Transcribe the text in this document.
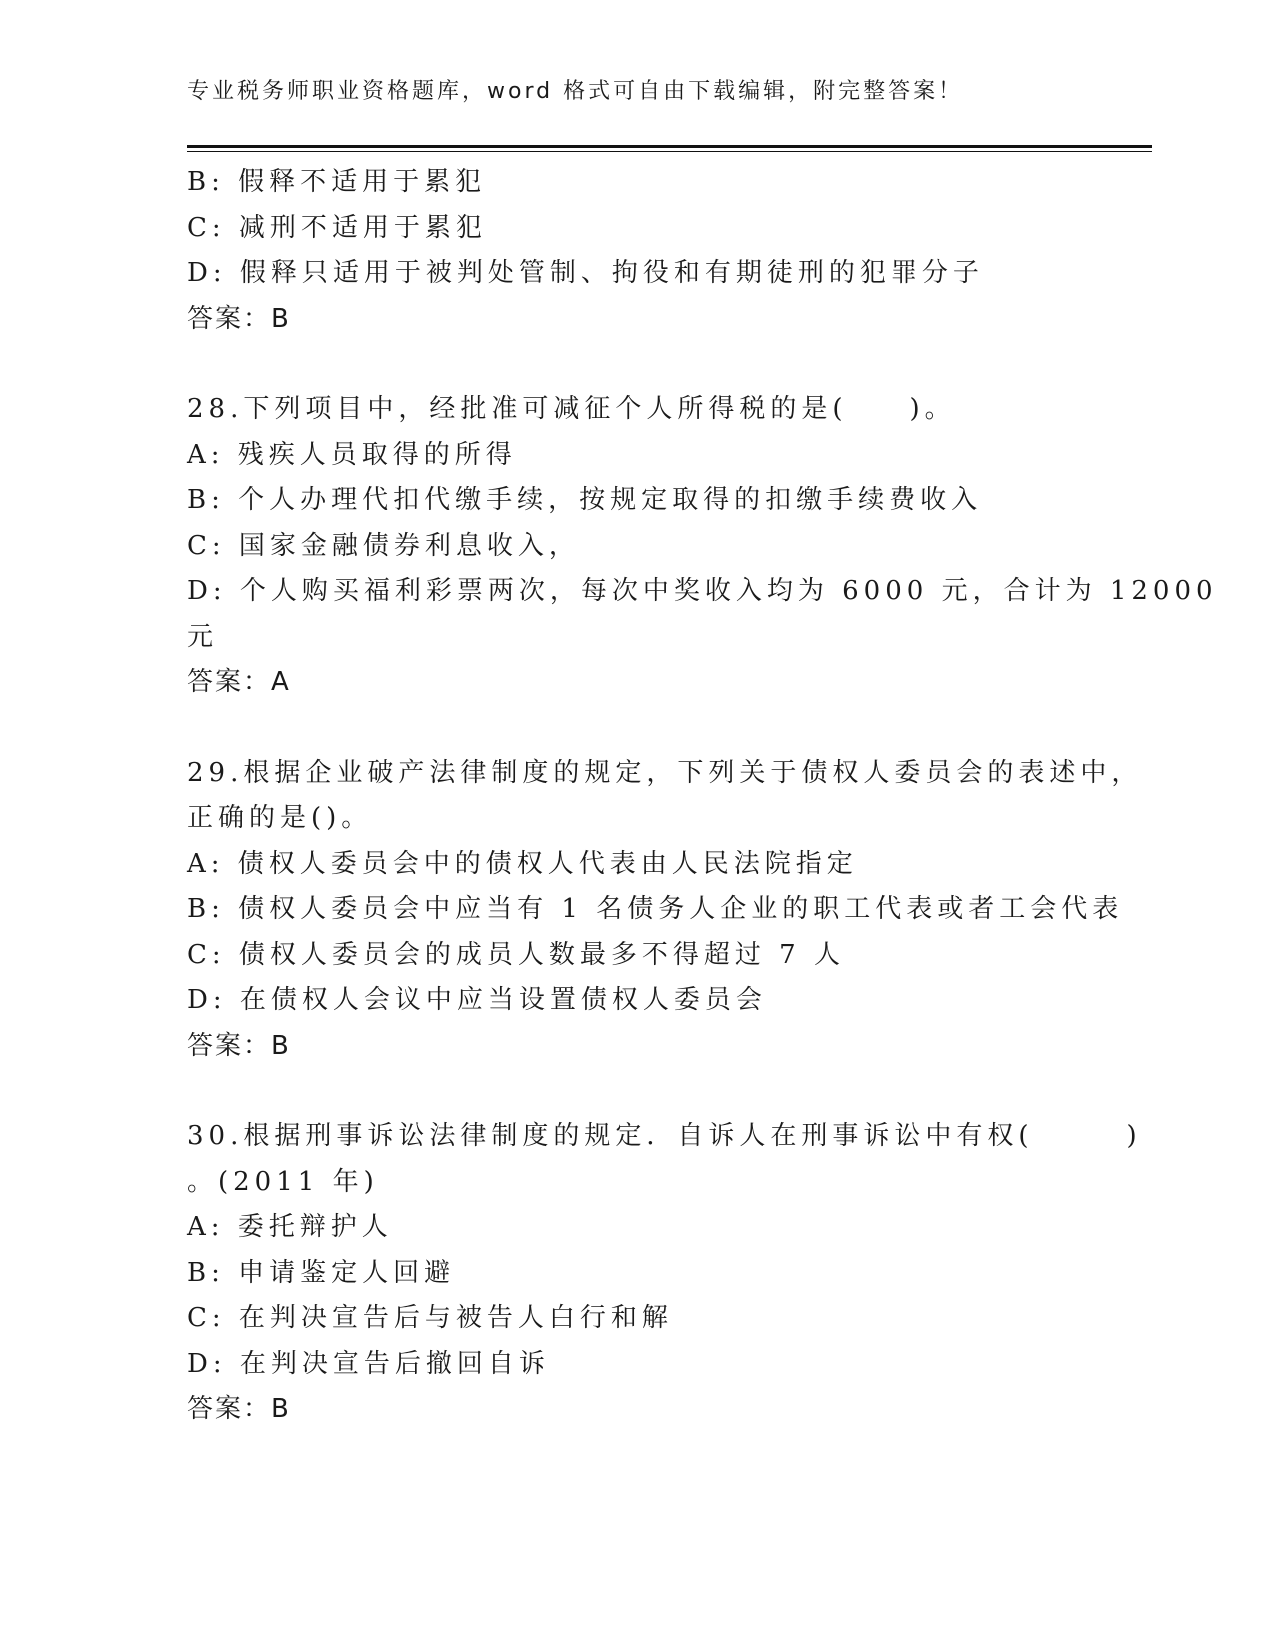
专业税务师职业资格题库，word 格式可自由下载编辑，附完整答案！
B: 假释不适用于累犯
C: 减刑不适用于累犯
D: 假释只适用于被判处管制、拘役和有期徒刑的犯罪分子
答案：B
28.下列项目中，经批准可减征个人所得税的是(　　)。
A: 残疾人员取得的所得
B: 个人办理代扣代缴手续，按规定取得的扣缴手续费收入
C: 国家金融债券利息收入，
D: 个人购买福利彩票两次，每次中奖收入均为 6000 元，合计为 12000
元
答案：A
29.根据企业破产法律制度的规定，下列关于债权人委员会的表述中，
正确的是()。
A: 债权人委员会中的债权人代表由人民法院指定
B: 债权人委员会中应当有 1 名债务人企业的职工代表或者工会代表
C: 债权人委员会的成员人数最多不得超过 7 人
D: 在债权人会议中应当设置债权人委员会
答案：B
30.根据刑事诉讼法律制度的规定．自诉人在刑事诉讼中有权(　　　)
。(2011 年)
A: 委托辩护人
B: 申请鉴定人回避
C: 在判决宣告后与被告人白行和解
D: 在判决宣告后撤回自诉
答案：B
